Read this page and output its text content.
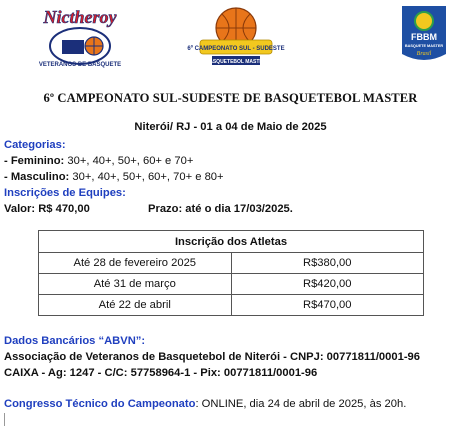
Nictheroy
VETERANOS DE BASQUETE
6º CAMPEONATO SUL - SUDESTE
BASQUETEBOL MASTER
FBBM
BASQUETE MASTER
Brasil
6º CAMPEONATO SUL-SUDESTE DE BASQUETEBOL MASTER
Niterói/ RJ - 01 a 04 de Maio de 2025
Categorias:
- Feminino: 30+, 40+, 50+, 60+ e 70+
- Masculino: 30+, 40+, 50+, 60+, 70+ e 80+
Inscrições de Equipes:
Valor: R$ 470,00	Prazo: até o dia 17/03/2025.
Inscrição dos Atletas	
Até 28 de fevereiro 2025	R$380,00
Até 31 de março	R$420,00
Até 22 de abril	R$470,00
Dados Bancários “ABVN”:
Associação de Veteranos de Basquetebol de Niterói - CNPJ: 00771811/0001-96
CAIXA - Ag: 1247 - C/C: 57758964-1 - Pix: 00771811/0001-96
Congresso Técnico do Campeonato: ONLINE, dia 24 de abril de 2025, às 20h.
